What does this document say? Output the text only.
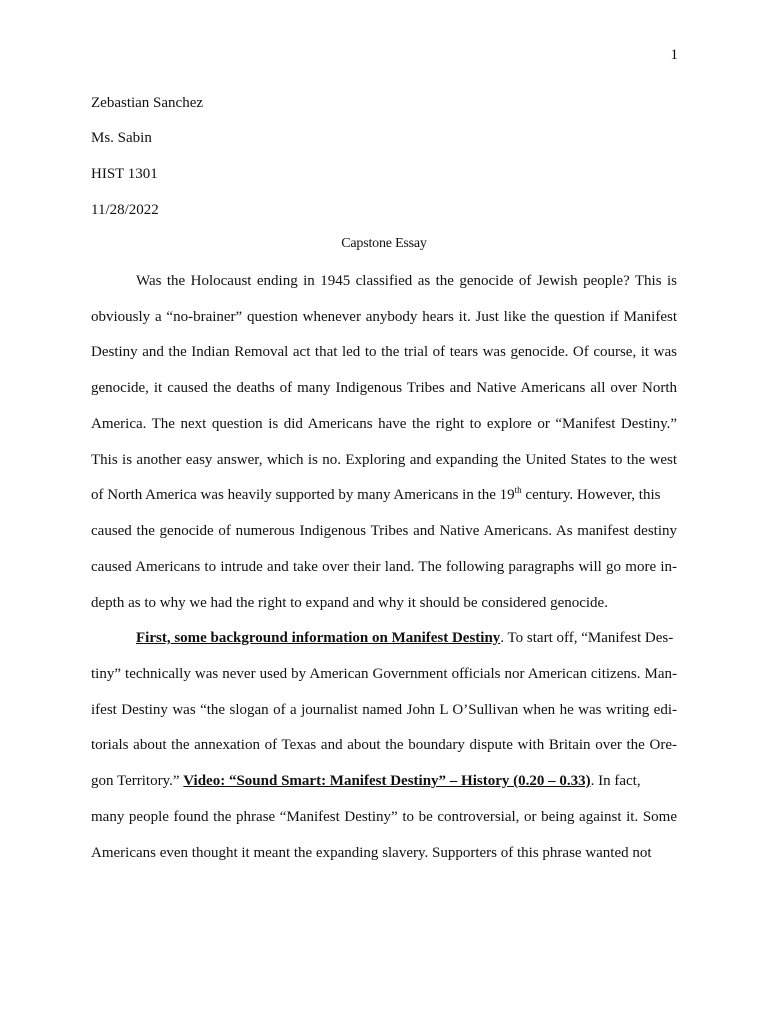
1
Zebastian Sanchez
Ms. Sabin
HIST 1301
11/28/2022
Capstone Essay
Was the Holocaust ending in 1945 classified as the genocide of Jewish people? This is
obviously a “no-brainer” question whenever anybody hears it. Just like the question if Manifest
Destiny and the Indian Removal act that led to the trial of tears was genocide. Of course, it was
genocide, it caused the deaths of many Indigenous Tribes and Native Americans all over North
America. The next question is did Americans have the right to explore or “Manifest Destiny.”
This is another easy answer, which is no. Exploring and expanding the United States to the west
of North America was heavily supported by many Americans in the 19th century. However, this
caused the genocide of numerous Indigenous Tribes and Native Americans. As manifest destiny
caused Americans to intrude and take over their land. The following paragraphs will go more in-
depth as to why we had the right to expand and why it should be considered genocide.
First, some background information on Manifest Destiny. To start off, “Manifest Des-
tiny” technically was never used by American Government officials nor American citizens. Man-
ifest Destiny was “the slogan of a journalist named John L O’Sullivan when he was writing edi-
torials about the annexation of Texas and about the boundary dispute with Britain over the Ore-
gon Territory.” Video: “Sound Smart: Manifest Destiny” – History (0.20 – 0.33). In fact,
many people found the phrase “Manifest Destiny” to be controversial, or being against it. Some
Americans even thought it meant the expanding slavery. Supporters of this phrase wanted not
